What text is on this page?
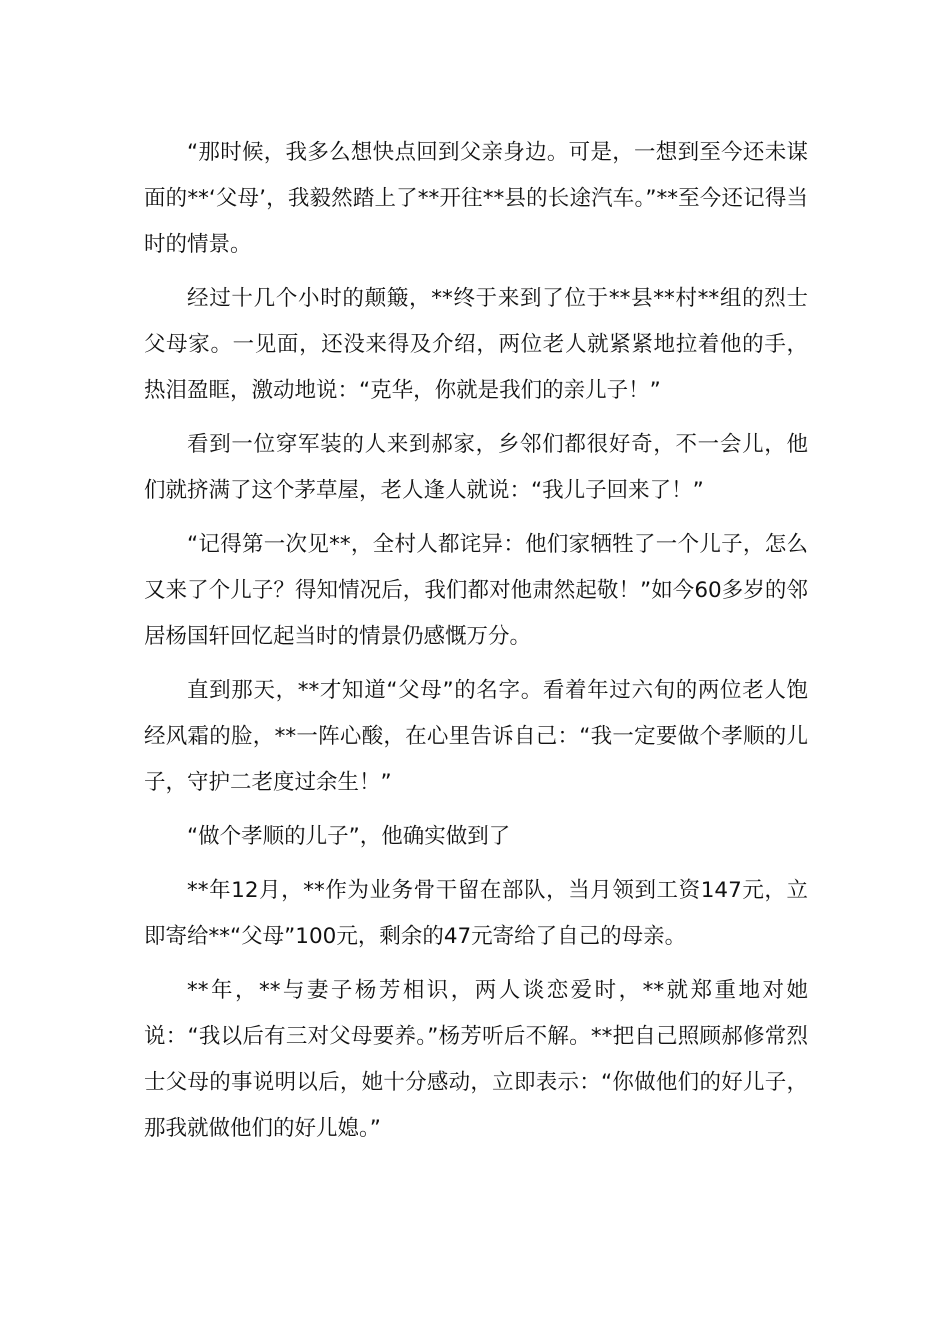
“那时候，我多么想快点回到父亲身边。可是，一想到至今还未谋面的**‘父母’，我毅然踏上了**开往**县的长途汽车。”**至今还记得当时的情景。

经过十几个小时的颠簸，**终于来到了位于**县**村**组的烈士父母家。一见面，还没来得及介绍，两位老人就紧紧地拉着他的手，热泪盈眶，激动地说：“克华，你就是我们的亲儿子！”

看到一位穿军装的人来到郝家，乡邻们都很好奇，不一会儿，他们就挤满了这个茅草屋，老人逢人就说：“我儿子回来了！”

“记得第一次见**，全村人都诧异：他们家牺牲了一个儿子，怎么又来了个儿子？得知情况后，我们都对他肃然起敬！”如今60多岁的邻居杨国轩回忆起当时的情景仍感慨万分。

直到那天，**才知道“父母”的名字。看着年过六旬的两位老人饱经风霜的脸，**一阵心酸，在心里告诉自己：“我一定要做个孝顺的儿子，守护二老度过余生！”

“做个孝顺的儿子”，他确实做到了

**年12月，**作为业务骨干留在部队，当月领到工资147元，立即寄给**“父母”100元，剩余的47元寄给了自己的母亲。

**年，**与妻子杨芳相识，两人谈恋爱时，**就郑重地对她说：“我以后有三对父母要养。”杨芳听后不解。**把自己照顾郝修常烈士父母的事说明以后，她十分感动，立即表示：“你做他们的好儿子，那我就做他们的好儿媳。”
